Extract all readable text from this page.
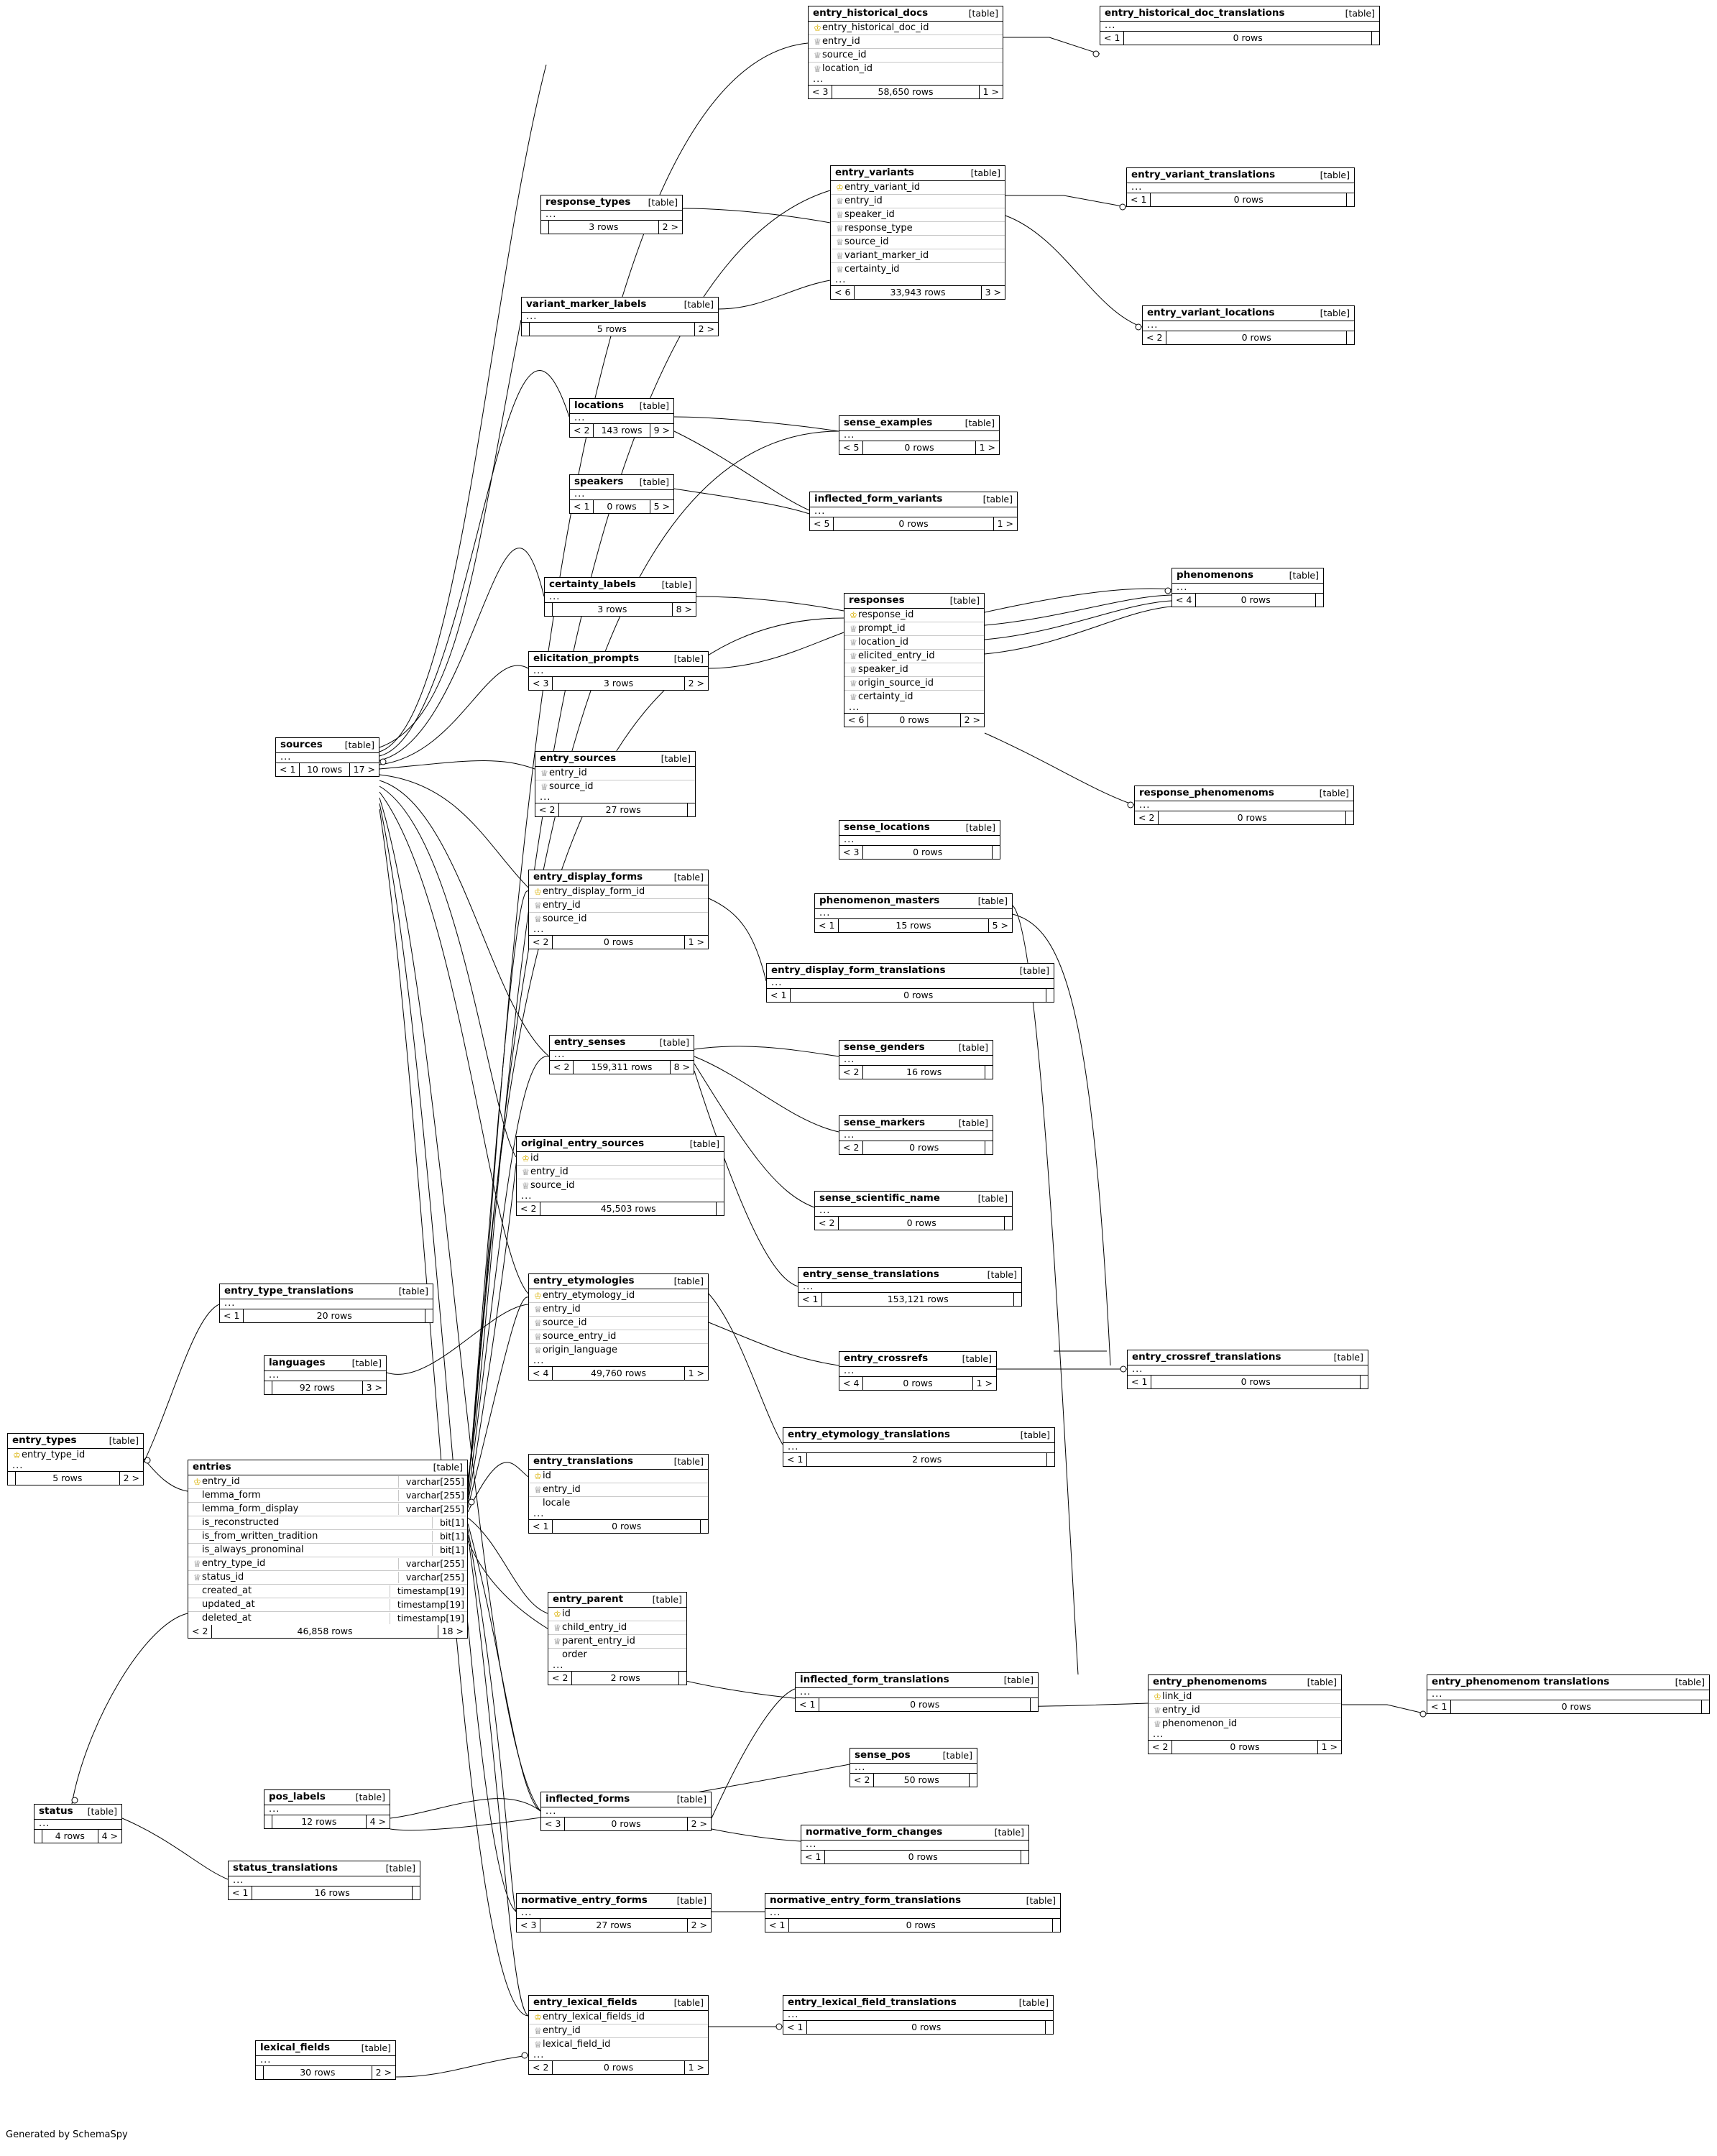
entry_historical_docs	[table]
♔ entry_historical_doc_id
♕ entry_id
♕ source_id
♕ location_id
...
< 3	58,650 rows	1 >
entry_historical_doc_translations	[table]
...
< 1	0 rows
entry_variants	[table]
♔ entry_variant_id
♕ entry_id
♕ speaker_id
♕ response_type
♕ source_id
♕ variant_marker_id
♕ certainty_id
...
< 6	33,943 rows	3 >
entry_variant_translations	[table]
...
< 1	0 rows
entry_variant_locations	[table]
...
< 2	0 rows
response_types [table]
...
3 rows	2 >
variant_marker_labels	[table]
...
5 rows	2 >
locations [table]
...
< 2	143 rows	9 >
sense_examples	[table]
...
< 5	0 rows	1 >
speakers [table]
...
< 1	0 rows	5 >
inflected_form_variants	[table]
...
< 5	0 rows	1 >
phenomenons	[table]
...
< 4	0 rows
certainty_labels	[table]
...
3 rows	8 >
responses	[table]
♔ response_id
♕ prompt_id
♕ location_id
♕ elicited_entry_id
♕ speaker_id
♕ origin_source_id
♕ certainty_id
...
< 6	0 rows	2 >
elicitation_prompts	[table]
...
< 3	3 rows	2 >
sources [table]
...
< 1	10 rows	17 >
entry_sources	[table]
♕ entry_id
♕ source_id
...
< 2	27 rows
response_phenomenoms	[table]
...
< 2	0 rows
sense_locations	[table]
...
< 3	0 rows
entry_display_forms	[table]
♔ entry_display_form_id
♕ entry_id
♕ source_id
...
< 2	0 rows	1 >
phenomenon_masters	[table]
...
< 1	15 rows	5 >
entry_display_form_translations	[table]
...
< 1	0 rows
entry_senses	[table]
...
< 2	159,311 rows	8 >
sense_genders	[table]
...
< 2	16 rows
sense_markers	[table]
...
< 2	0 rows
original_entry_sources	[table]
♔ id
♕ entry_id
♕ source_id
...
< 2	45,503 rows
sense_scientific_name	[table]
...
< 2	0 rows
entry_type_translations	[table]
...
< 1	20 rows
entry_sense_translations	[table]
...
< 1	153,121 rows
entry_etymologies	[table]
♔ entry_etymology_id
♕ entry_id
♕ source_id
♕ source_entry_id
♕ origin_language
...
< 4	49,760 rows	1 >
languages	[table]
...
92 rows	3 >
entry_crossrefs	[table]
...
< 4	0 rows	1 >
entry_crossref_translations	[table]
...
< 1	0 rows
entry_etymology_translations	[table]
...
< 1	2 rows
entry_types	[table]
♔ entry_type_id
...
5 rows	2 >
entries	[table]
♔ entry_id	varchar[255]
lemma_form	varchar[255]
lemma_form_display	varchar[255]
is_reconstructed	bit[1]
is_from_written_tradition	bit[1]
is_always_pronominal	bit[1]
♕ entry_type_id	varchar[255]
♕ status_id	varchar[255]
created_at	timestamp[19]
updated_at	timestamp[19]
deleted_at	timestamp[19]
< 2	46,858 rows	18 >
entry_translations	[table]
♔ id
♕ entry_id
locale
...
< 1	0 rows
entry_parent	[table]
♔ id
♕ child_entry_id
♕ parent_entry_id
order
...
< 2	2 rows	inflected_form_translations	[table]
...
< 1	0 rows
entry_phenomenoms	[table]
♔ link_id
♕ entry_id
♕ phenomenon_id
...
< 2	0 rows	1 >
entry_phenomenom translations	[table]
...
< 1	0 rows
sense_pos	[table]
...
< 2	50 rows
status [table]
...
4 rows	4 >
pos_labels	[table]
...
12 rows	4 >
inflected_forms	[table]
...
< 3	0 rows	2 >
normative_form_changes	[table]
...
< 1	0 rows
status_translations	[table]
...
< 1	16 rows
normative_entry_forms	[table]
...
< 3	27 rows	2 >
normative_entry_form_translations	[table]
...
< 1	0 rows
entry_lexical_fields	[table]
♔ entry_lexical_fields_id
♕ entry_id
♕ lexical_field_id
...
< 2	0 rows	1 >
entry_lexical_field_translations	[table]
...
< 1	0 rows
lexical_fields	[table]
...
30 rows	2 >
Generated by SchemaSpy
